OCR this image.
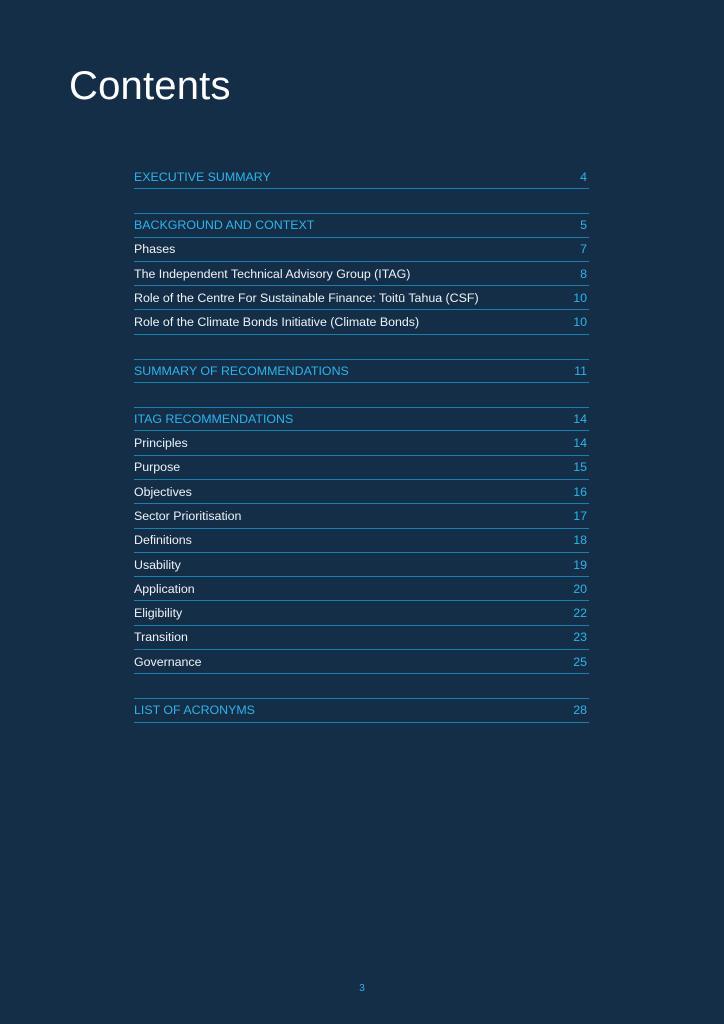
Contents
EXECUTIVE SUMMARY	4
BACKGROUND AND CONTEXT	5
Phases	7
The Independent Technical Advisory Group (ITAG)	8
Role of the Centre For Sustainable Finance: Toitū Tahua (CSF)	10
Role of the Climate Bonds Initiative (Climate Bonds)	10
SUMMARY OF RECOMMENDATIONS	11
ITAG RECOMMENDATIONS	14
Principles	14
Purpose	15
Objectives	16
Sector Prioritisation	17
Definitions	18
Usability	19
Application	20
Eligibility	22
Transition	23
Governance	25
LIST OF ACRONYMS	28
3
